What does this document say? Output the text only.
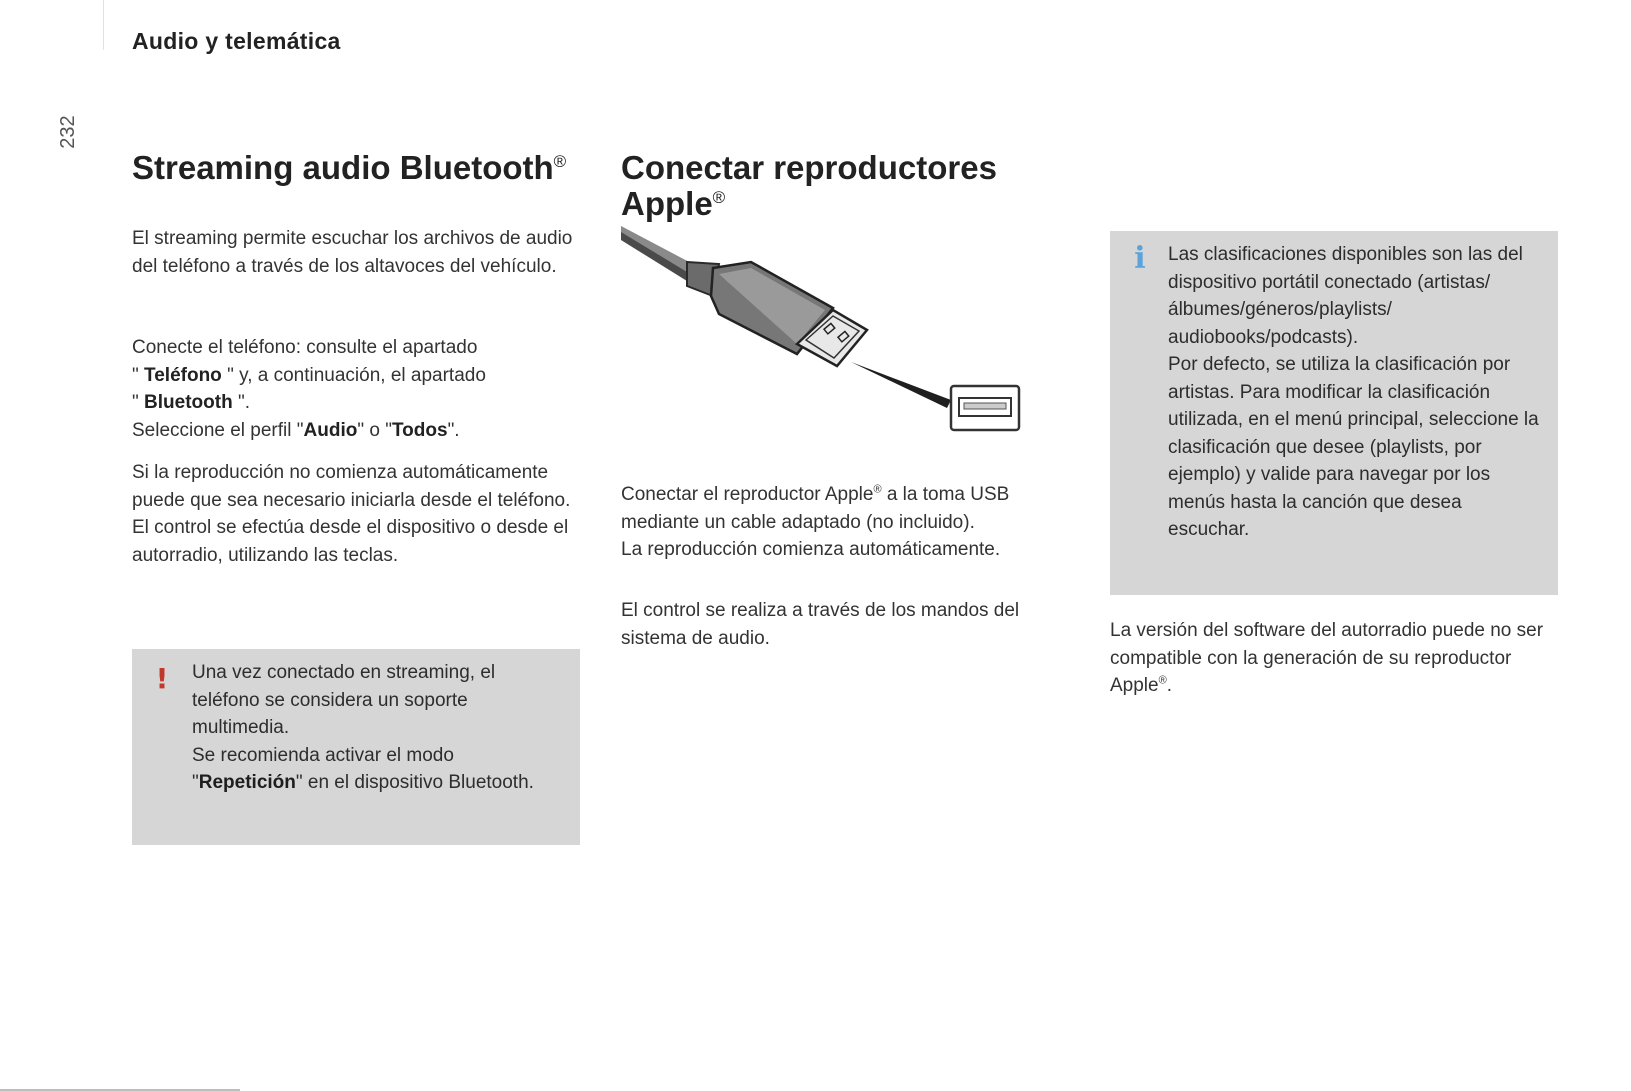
Audio y telemática
232
Streaming audio Bluetooth®

El streaming permite escuchar los archivos de audio del teléfono a través de los altavoces del vehículo.

Conecte el teléfono: consulte el apartado
" Teléfono " y, a continuación, el apartado
" Bluetooth ".
Seleccione el perfil "Audio" o "Todos".

Si la reproducción no comienza automáticamente puede que sea necesario iniciarla desde el teléfono.
El control se efectúa desde el dispositivo o desde el autorradio, utilizando las teclas.

! Una vez conectado en streaming, el teléfono se considera un soporte multimedia.
Se recomienda activar el modo "Repetición" en el dispositivo Bluetooth.

Conectar reproductores
Apple®

Conectar el reproductor Apple® a la toma USB mediante un cable adaptado (no incluido).
La reproducción comienza automáticamente.

El control se realiza a través de los mandos del sistema de audio.

i Las clasificaciones disponibles son las del dispositivo portátil conectado (artistas/álbumes/géneros/playlists/ audiobooks/podcasts).
Por defecto, se utiliza la clasificación por artistas. Para modificar la clasificación utilizada, en el menú principal, seleccione la clasificación que desee (playlists, por ejemplo) y valide para navegar por los menús hasta la canción que desea escuchar.

La versión del software del autorradio puede no ser compatible con la generación de su reproductor Apple®.
